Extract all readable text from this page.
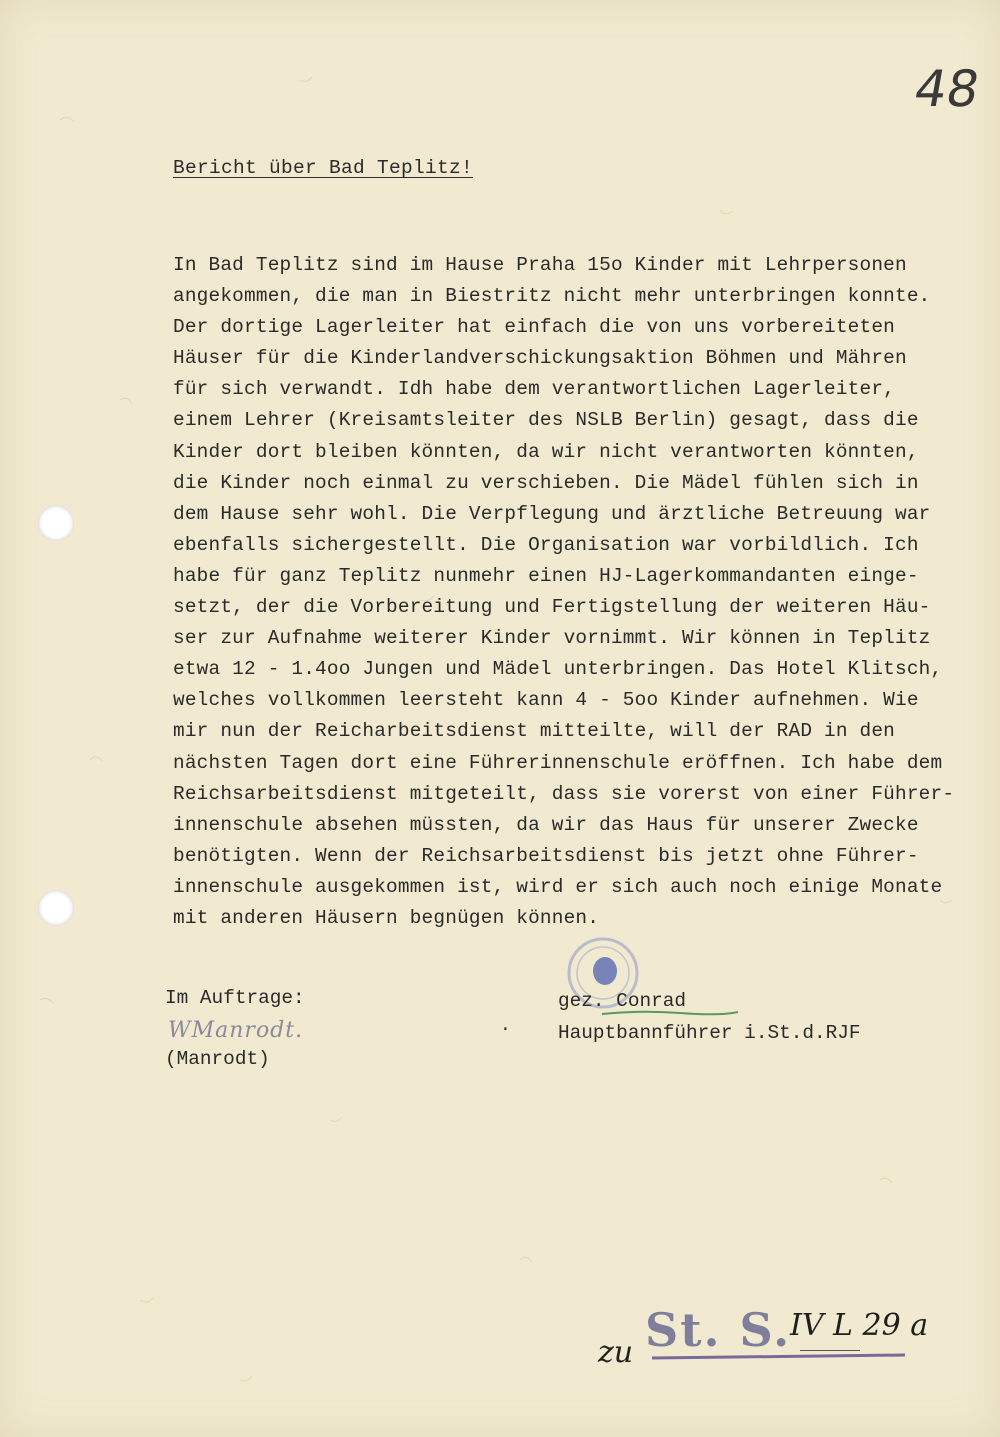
48
Bericht über Bad Teplitz!
In Bad Teplitz sind im Hause Praha 15o Kinder mit Lehrpersonen
angekommen, die man in Biestritz nicht mehr unterbringen konnte.
Der dortige Lagerleiter hat einfach die von uns vorbereiteten
Häuser für die Kinderlandverschickungsaktion Böhmen und Mähren
für sich verwandt. Idh habe dem verantwortlichen Lagerleiter,
einem Lehrer (Kreisamtsleiter des NSLB Berlin) gesagt, dass die
Kinder dort bleiben könnten, da wir nicht verantworten könnten,
die Kinder noch einmal zu verschieben. Die Mädel fühlen sich in
dem Hause sehr wohl. Die Verpflegung und ärztliche Betreuung war
ebenfalls sichergestellt. Die Organisation war vorbildlich. Ich
habe für ganz Teplitz nunmehr einen HJ-Lagerkommandanten einge-
setzt, der die Vorbereitung und Fertigstellung der weiteren Häu-
ser zur Aufnahme weiterer Kinder vornimmt. Wir können in Teplitz
etwa 12 - 1.4oo Jungen und Mädel unterbringen. Das Hotel Klitsch,
welches vollkommen leersteht kann 4 - 5oo Kinder aufnehmen. Wie
mir nun der Reicharbeitsdienst mitteilte, will der RAD in den
nächsten Tagen dort eine Führerinnenschule eröffnen. Ich habe dem
Reichsarbeitsdienst mitgeteilt, dass sie vorerst von einer Führer-
innenschule absehen müssten, da wir das Haus für unserer Zwecke
benötigten. Wenn der Reichsarbeitsdienst bis jetzt ohne Führer-
innenschule ausgekommen ist, wird er sich auch noch einige Monate
mit anderen Häusern begnügen können.
Im Auftrage:
WManrodt.
(Manrodt)
·
gez. Conrad
Hauptbannführer i.St.d.RJF
zu St. S.
IV L 29 a
